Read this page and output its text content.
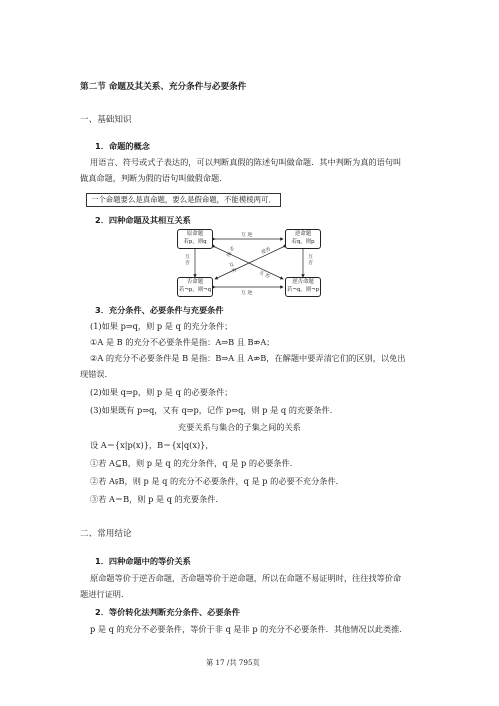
第二节 命题及其关系、充分条件与必要条件
一、基础知识
1．命题的概念
用语言、符号或式子表达的，可以判断真假的陈述句叫做命题．其中判断为真的语句叫
做真命题，判断为假的语句叫做假命题．
一个命题要么是真命题，要么是假命题，不能模棱两可．
2．四种命题及其相互关系
原命题
若p，则q
逆命题
若q，则p
否命题
若¬p，则¬q
逆否命题
若¬q，则¬p
互 逆
互 逆
互
否
互
否
为
逆
互
为
逆否
互 否
3．充分条件、必要条件与充要条件
(1)如果 p⇒q，则 p 是 q 的充分条件；
①A 是 B 的充分不必要条件是指：A⇒B 且 B⇏A；
②A 的充分不必要条件是 B 是指：B⇒A 且 A⇏B，在解题中要弄清它们的区别，以免出
现错误．
(2)如果 q⇒p，则 p 是 q 的必要条件；
(3)如果既有 p⇒q，又有 q⇒p，记作 p⇔q，则 p 是 q 的充要条件．
充要关系与集合的子集之间的关系
设 A＝{x|p(x)}，B＝{x|q(x)}，
①若 A⊆B，则 p 是 q 的充分条件，q 是 p 的必要条件．
②若 A⫋B，则 p 是 q 的充分不必要条件，q 是 p 的必要不充分条件．
③若 A＝B，则 p 是 q 的充要条件．
二、常用结论
1．四种命题中的等价关系
原命题等价于逆否命题，否命题等价于逆命题，所以在命题不易证明时，往往找等价命
题进行证明．
2．等价转化法判断充分条件、必要条件
p 是 q 的充分不必要条件，等价于非 q 是非 p 的充分不必要条件．其他情况以此类推．
第 17 /共 795页
